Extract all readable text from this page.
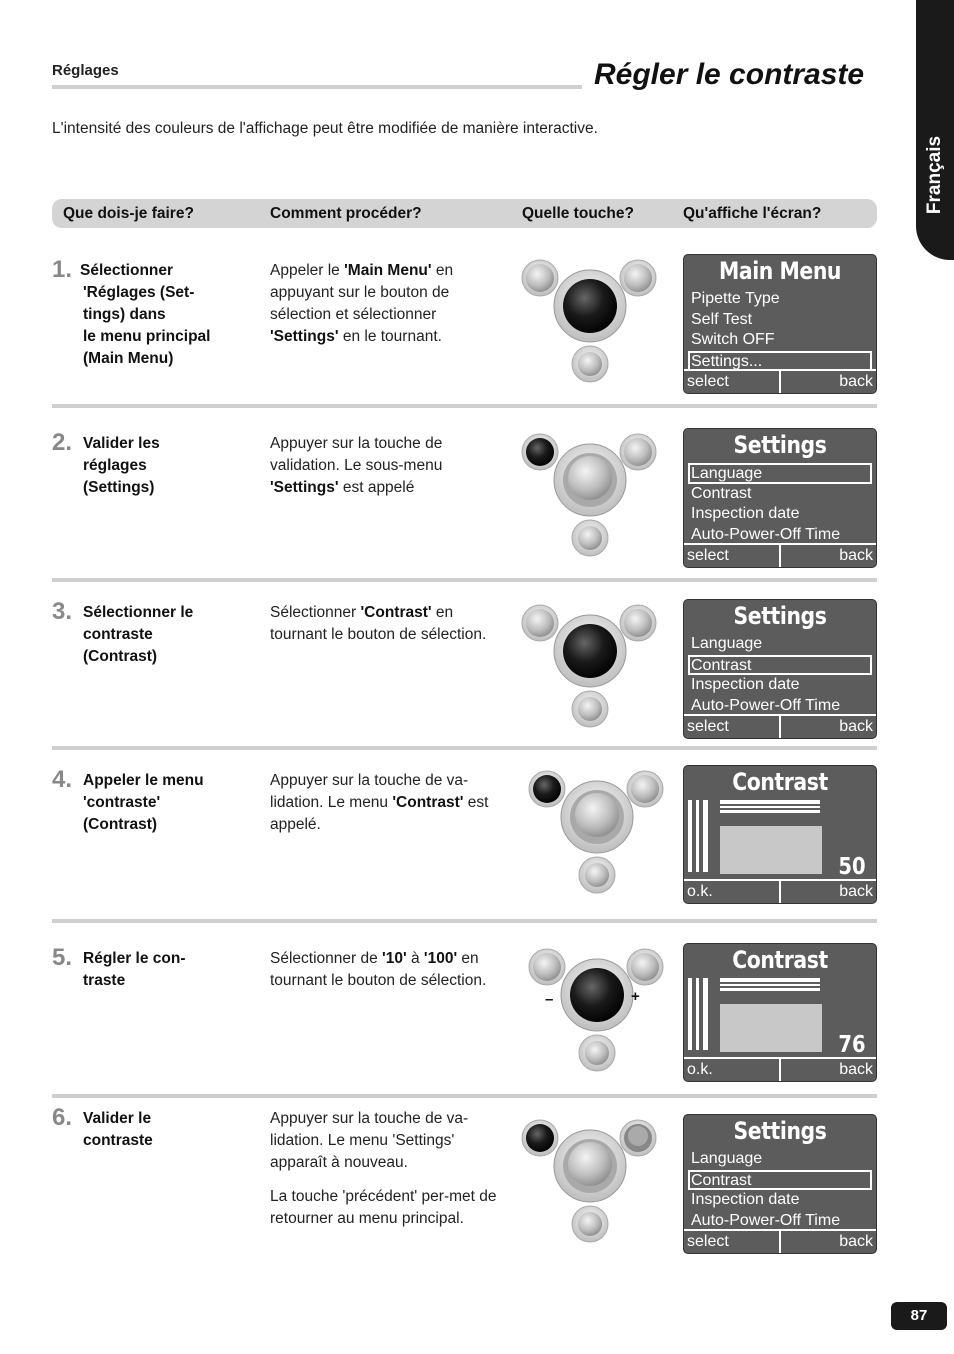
Réglages	Régler le contraste
L'intensité des couleurs de l'affichage peut être modifiée de manière interactive.
Français
Que dois-je faire?	Comment procéder?	Quelle touche?	Qu'affiche l'écran?
1. Sélectionner
'Réglages (Set-
tings) dans
le menu principal
(Main Menu)
Appeler le 'Main Menu' en appuyant sur le bouton de sélection et sélectionner 'Settings' en le tournant.
Main Menu
Pipette Type
Self Test
Switch OFF
Settings...
select	back
2. Valider les
réglages
(Settings)
Appuyer sur la touche de validation. Le sous-menu 'Settings' est appelé
Settings
Language
Contrast
Inspection date
Auto-Power-Off Time
select	back
3. Sélectionner le
contraste
(Contrast)
Sélectionner 'Contrast' en tournant le bouton de sélection.
Settings
Language
Contrast
Inspection date
Auto-Power-Off Time
select	back
4. Appeler le menu
'contraste'
(Contrast)
Appuyer sur la touche de va-lidation. Le menu 'Contrast' est appelé.
Contrast
50
o.k.	back
5. Régler le con-
traste
Sélectionner de '10' à '100' en tournant le bouton de sélection.
–	+
Contrast
76
o.k.	back
6. Valider le
contraste
Appuyer sur la touche de va-lidation. Le menu 'Settings' apparaît à nouveau.
La touche 'précédent' per-met de retourner au menu principal.
Settings
Language
Contrast
Inspection date
Auto-Power-Off Time
select	back
87
